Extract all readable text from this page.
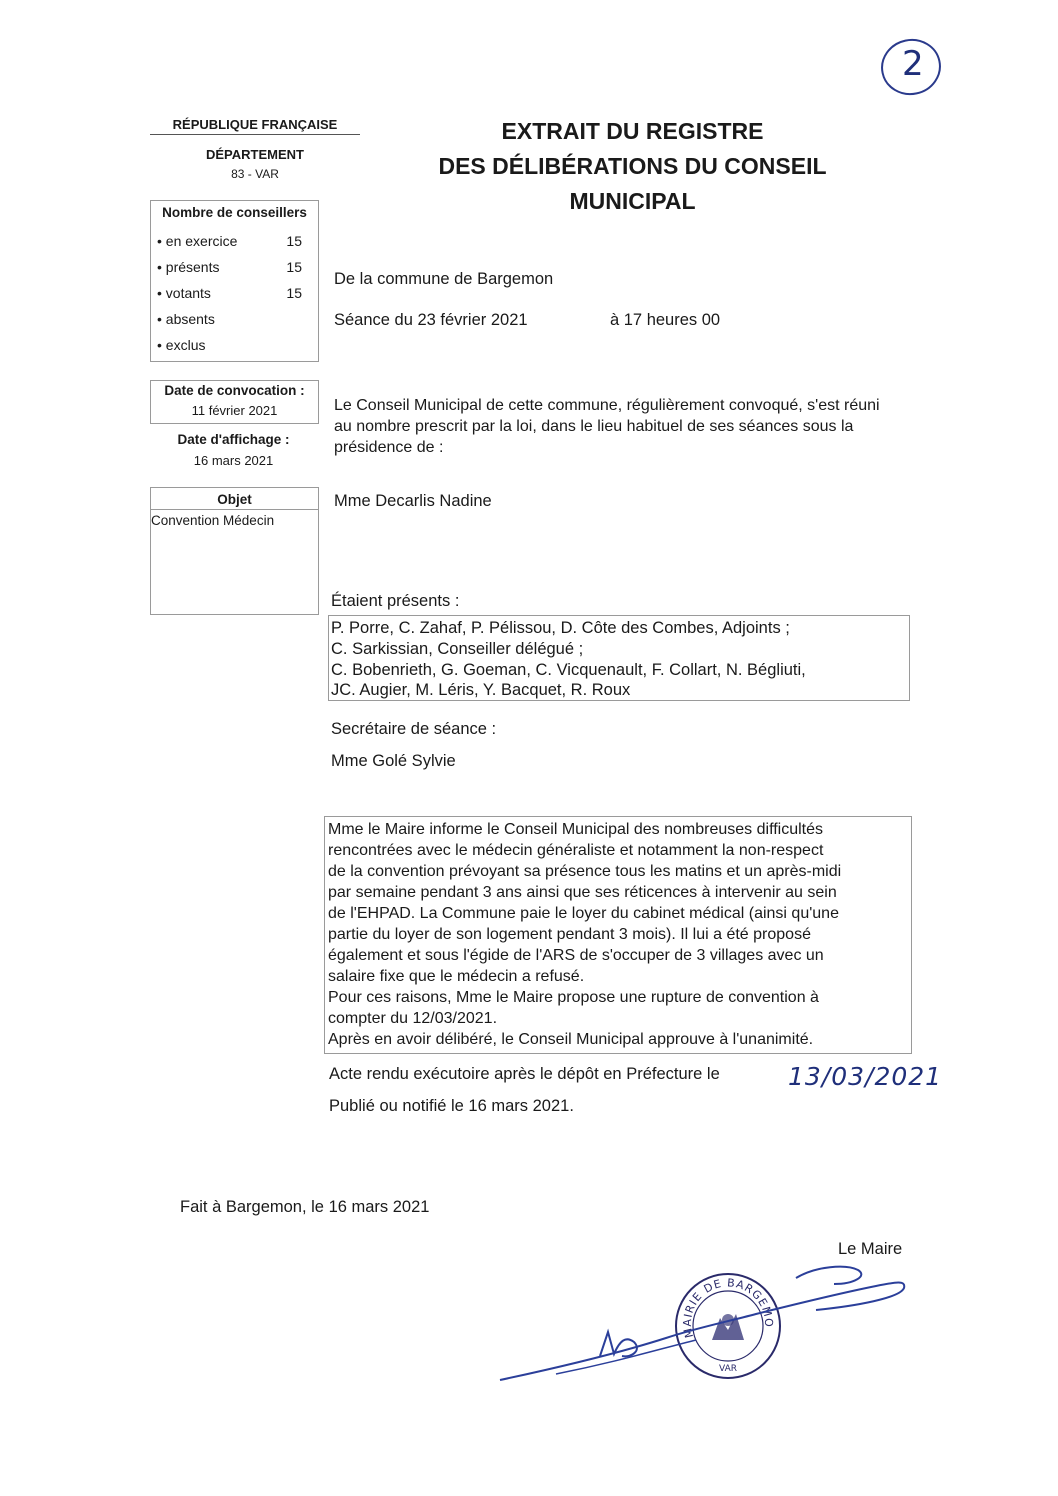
2
RÉPUBLIQUE FRANÇAISE
DÉPARTEMENT
83 - VAR
EXTRAIT DU REGISTRE
DES DÉLIBÉRATIONS DU CONSEIL
MUNICIPAL
Nombre de conseillers
• en exercice	15
• présents	15
• votants	15
• absents
• exclus
Date de convocation :
11 février 2021
Date d'affichage :
16 mars 2021
Objet
Convention Médecin
De la commune de Bargemon
Séance du 23 février 2021	à 17 heures 00
Le Conseil Municipal de cette commune, régulièrement convoqué, s'est réuni au nombre prescrit par la loi, dans le lieu habituel de ses séances sous la présidence de :
Mme Decarlis Nadine
Étaient présents :
P. Porre, C. Zahaf, P. Pélissou, D. Côte des Combes, Adjoints ;
C. Sarkissian, Conseiller délégué ;
C. Bobenrieth, G. Goeman, C. Vicquenault, F. Collart, N. Bégliuti,
JC. Augier, M. Léris, Y. Bacquet, R. Roux
Secrétaire de séance :
Mme Golé Sylvie
Mme le Maire informe le Conseil Municipal des nombreuses difficultés
rencontrées avec le médecin généraliste et notamment la non-respect
de la convention prévoyant sa présence tous les matins et un après-midi
par semaine pendant 3 ans ainsi que ses réticences à intervenir au sein
de l'EHPAD. La Commune paie le loyer du cabinet médical (ainsi qu'une
partie du loyer de son logement pendant 3 mois). Il lui a été proposé
également et sous l'égide de l'ARS de s'occuper de 3 villages avec un
salaire fixe que le médecin a refusé.
Pour ces raisons, Mme le Maire propose une rupture de convention à
compter du 12/03/2021.
Après en avoir délibéré, le Conseil Municipal approuve à l'unanimité.
Acte rendu exécutoire après le dépôt en Préfecture le	13/03/2021
Publié ou notifié le 16 mars 2021.
Fait à Bargemon, le 16 mars 2021
Le Maire
MAIRIE DE BARGEMO
VAR
